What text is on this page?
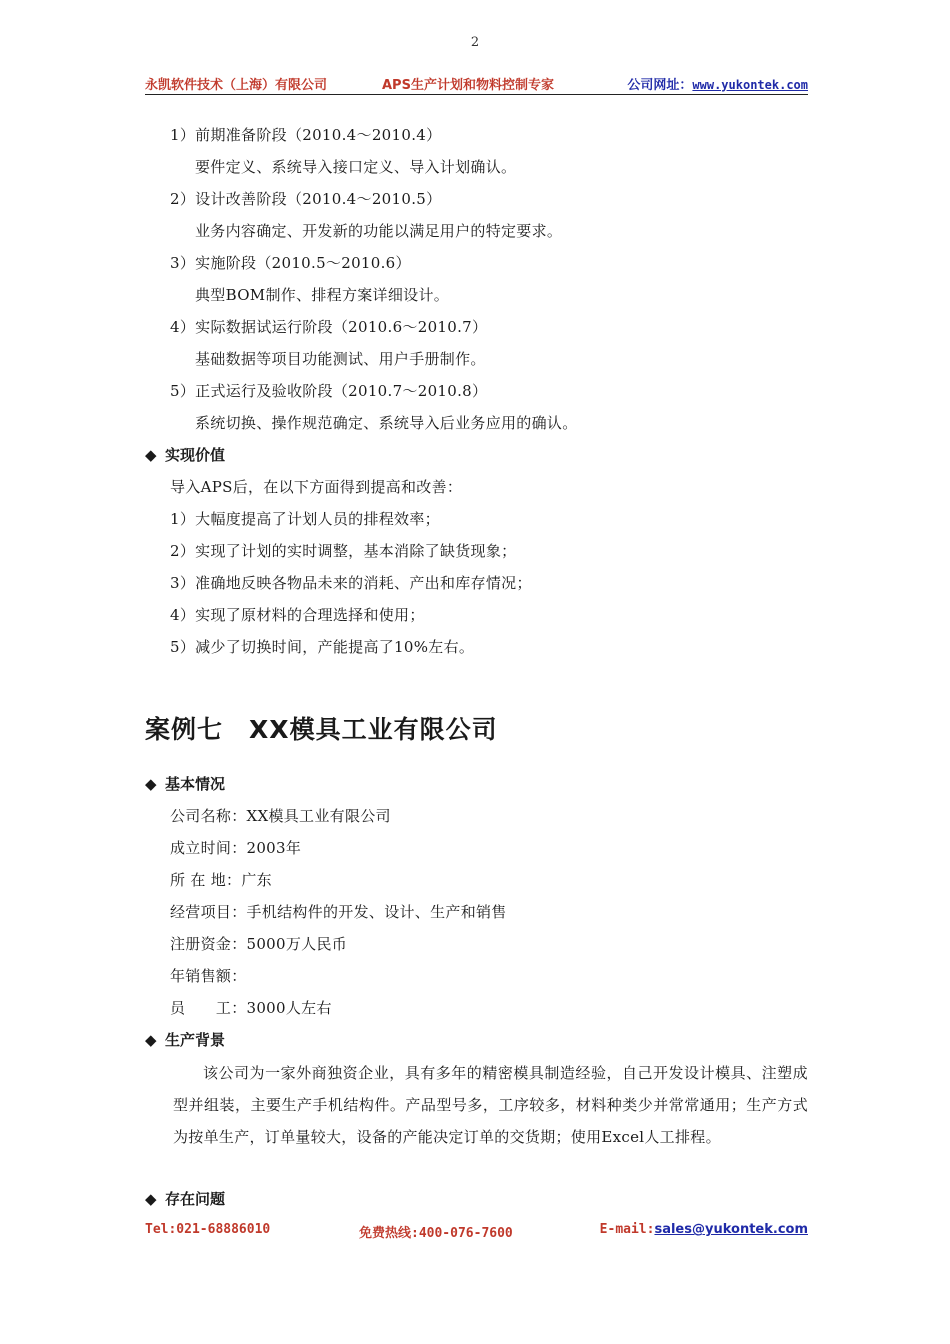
2
永凯软件技术（上海）有限公司	APS生产计划和物料控制专家	公司网址：www.yukontek.com
1）前期准备阶段（2010.4～2010.4）
要件定义、系统导入接口定义、导入计划确认。
2）设计改善阶段（2010.4～2010.5）
业务内容确定、开发新的功能以满足用户的特定要求。
3）实施阶段（2010.5～2010.6）
典型BOM制作、排程方案详细设计。
4）实际数据试运行阶段（2010.6～2010.7）
基础数据等项目功能测试、用户手册制作。
5）正式运行及验收阶段（2010.7～2010.8）
系统切换、操作规范确定、系统导入后业务应用的确认。
◆ 实现价值
导入APS后，在以下方面得到提高和改善：
1）大幅度提高了计划人员的排程效率；
2）实现了计划的实时调整，基本消除了缺货现象；
3）准确地反映各物品未来的消耗、产出和库存情况；
4）实现了原材料的合理选择和使用；
5）减少了切换时间，产能提高了10%左右。
案例七 XX模具工业有限公司
◆ 基本情况
公司名称：XX模具工业有限公司
成立时间：2003年
所 在 地：广东
经营项目：手机结构件的开发、设计、生产和销售
注册资金：5000万人民币
年销售额：
员　　工：3000人左右
◆ 生产背景
该公司为一家外商独资企业，具有多年的精密模具制造经验，自己开发设计模具、注塑成型并组装，主要生产手机结构件。产品型号多，工序较多，材料种类少并常常通用；生产方式为按单生产，订单量较大，设备的产能决定订单的交货期；使用Excel人工排程。
◆ 存在问题
Tel:021-68886010	免费热线:400-076-7600	E-mail:sales@yukontek.com
